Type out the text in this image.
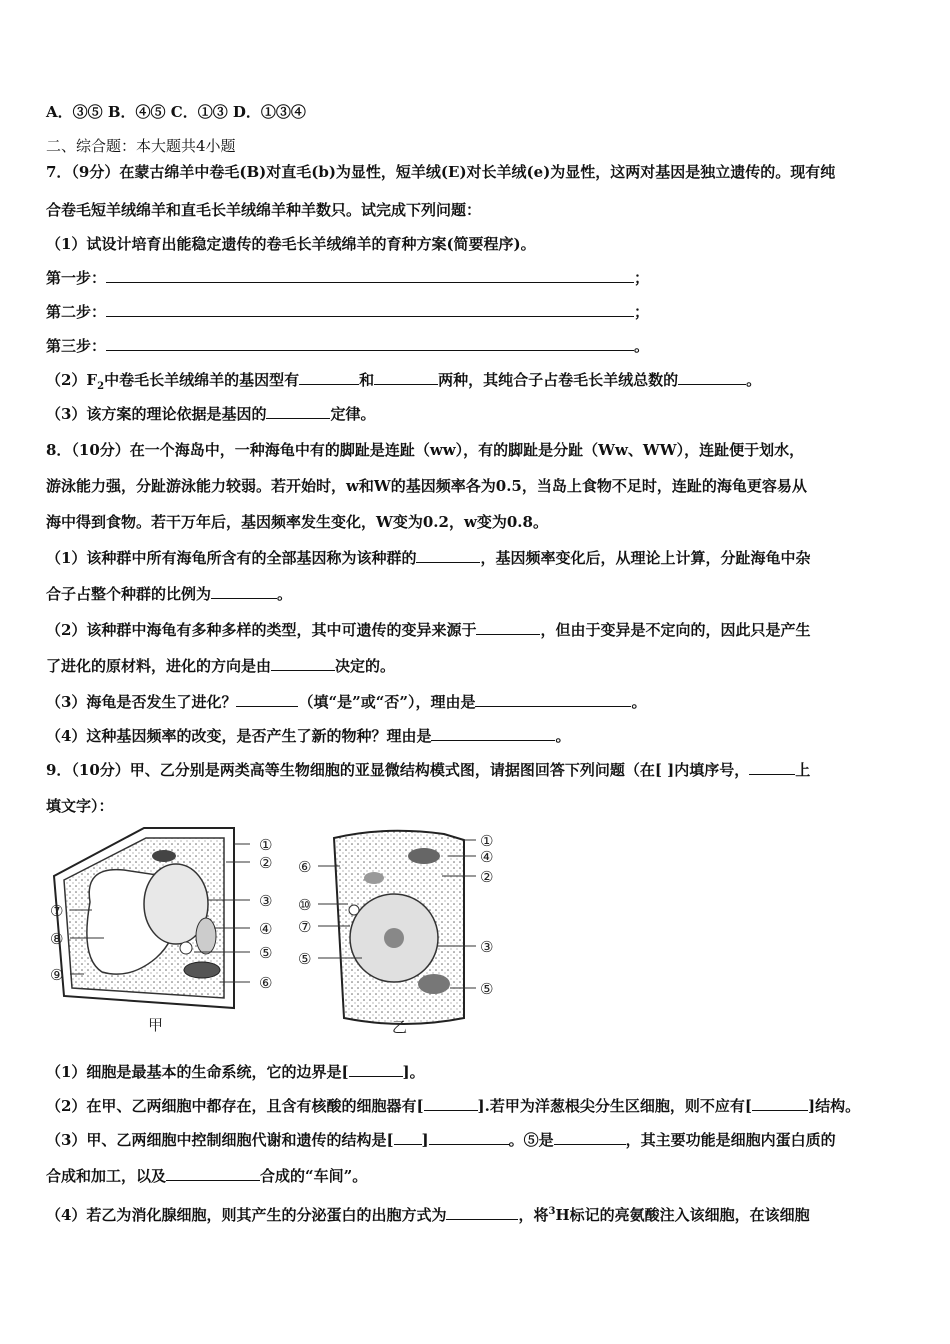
A．③⑤ B．④⑤ C．①③ D．①③④
二、综合题：本大题共4小题
7．（9分）在蒙古绵羊中卷毛(B)对直毛(b)为显性，短羊绒(E)对长羊绒(e)为显性，这两对基因是独立遗传的。现有纯
合卷毛短羊绒绵羊和直毛长羊绒绵羊种羊数只。试完成下列问题：
（1）试设计培育出能稳定遗传的卷毛长羊绒绵羊的育种方案(简要程序)。
第一步：	；
第二步：	；
第三步：	。
$(2)F_2$中卷毛长羊绒绵羊的基因型有	和	两种，其纯合子占卷毛长羊绒总数的	。
（3）该方案的理论依据是基因的	定律。
8．（10分）在一个海岛中，一种海龟中有的脚趾是连趾（ww），有的脚趾是分趾（Ww、WW），连趾便于划水，
游泳能力强，分趾游泳能力较弱。若开始时，w和W的基因频率各为0.5，当岛上食物不足时，连趾的海龟更容易从
海中得到食物。若干万年后，基因频率发生变化，W变为0.2，w变为0.8。
（1）该种群中所有海龟所含有的全部基因称为该种群的	，基因频率变化后，从理论上计算，分趾海龟中杂
合子占整个种群的比例为	。
（2）该种群中海龟有多种多样的类型，其中可遗传的变异来源于	，但由于变异是不定向的，因此只是产生
了进化的原材料，进化的方向是由	决定的。
（3）海龟是否发生了进化？	（填“是”或“否”），理由是	。
（4）这种基因频率的改变，是否产生了新的物种？理由是	。
9．（10分）甲、乙分别是两类高等生物细胞的亚显微结构模式图，请据图回答下列问题（在[ ]内填序号，	上
填文字）：
①
②
③
④
⑤
⑥
⑦
⑧
⑨
①
④
②
⑥
⑩
⑦
③
⑤
⑤
甲	乙
（1）细胞是最基本的生命系统，它的边界是[	]。
（2）在甲、乙两细胞中都存在，且含有核酸的细胞器有[	].若甲为洋葱根尖分生区细胞，则不应有[	]结构。
（3）甲、乙两细胞中控制细胞代谢和遗传的结构是[ ]	。⑤是	，其主要功能是细胞内蛋白质的
合成和加工，以及	合成的“车间”。
（4）若乙为消化腺细胞，则其产生的分泌蛋白的出胞方式为	，将$^3$H标记的亮氨酸注入该细胞，在该细胞
